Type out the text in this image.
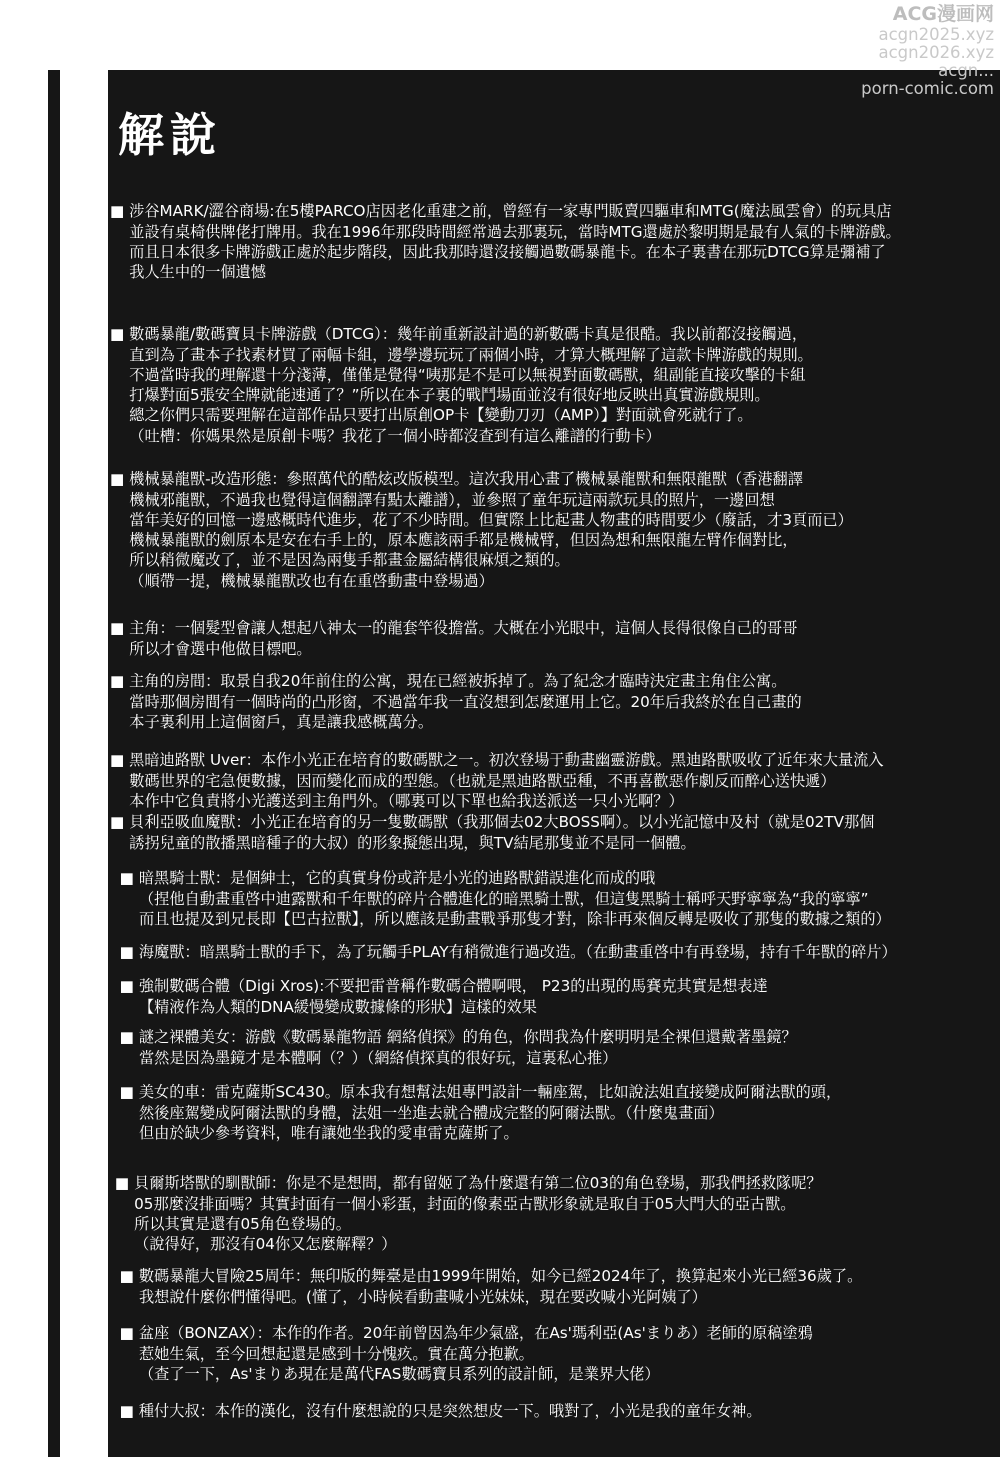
ACG漫画网
acgn2025.xyz
acgn2026.xyz
acgn...
porn-comic.com
解說

■ 涉谷MARK/澀谷商場:在5樓PARCO店因老化重建之前，曾經有一家專門販賣四驅車和MTG(魔法風雲會）的玩具店
並設有桌椅供牌佬打牌用。我在1996年那段時間經常過去那裏玩，當時MTG還處於黎明期是最有人氣的卡牌游戲。
而且日本很多卡牌游戲正處於起步階段，因此我那時還沒接觸過數碼暴龍卡。在本子裏書在那玩DTCG算是彌補了
我人生中的一個遺憾

■ 數碼暴龍/數碼寶貝卡牌游戲（DTCG）：幾年前重新設計過的新數碼卡真是很酷。我以前都沒接觸過，
直到為了畫本子找素材買了兩幅卡組，邊學邊玩玩了兩個小時，才算大概理解了這款卡牌游戲的規則。
不過當時我的理解還十分淺薄，僅僅是覺得“咦那是不是可以無視對面數碼獸，組副能直接攻擊的卡組
打爆對面5張安全牌就能速通了？”所以在本子裏的戰鬥場面並沒有很好地反映出真實游戲規則。
總之你們只需要理解在這部作品只要打出原創OP卡【變動刀刃（AMP）】對面就會死就行了。
（吐槽：你媽果然是原創卡嗎？我花了一個小時都沒查到有這么離譜的行動卡）

■ 機械暴龍獸-改造形態：參照萬代的酷炫改版模型。這次我用心畫了機械暴龍獸和無限龍獸（香港翻譯
機械邪龍獸，不過我也覺得這個翻譯有點太離譜），並參照了童年玩這兩款玩具的照片，一邊回想
當年美好的回憶一邊感概時代進步，花了不少時間。但實際上比起畫人物畫的時間要少（廢話，才3頁而已）
機械暴龍獸的劍原本是安在右手上的，原本應該兩手都是機械臂，但因為想和無限龍左臂作個對比，
所以稍微魔改了，並不是因為兩隻手都畫金屬結構很麻煩之類的。
（順帶一提，機械暴龍獸改也有在重啓動畫中登場過）

■ 主角：一個髮型會讓人想起八神太一的龍套竿役擔當。大概在小光眼中，這個人長得很像自己的哥哥
所以才會選中他做目標吧。

■ 主角的房間：取景自我20年前住的公寓，現在已經被拆掉了。為了紀念才臨時決定畫主角住公寓。
當時那個房間有一個時尚的凸形窗，不過當年我一直沒想到怎麼運用上它。20年后我終於在自己畫的
本子裏利用上這個窗戶，真是讓我感概萬分。

■ 黑暗迪路獸 Uver：本作小光正在培育的數碼獸之一。初次登場于動畫幽靈游戲。黑迪路獸吸收了近年來大量流入
數碼世界的宅急便數據，因而變化而成的型態。（也就是黑迪路獸亞種，不再喜歡惡作劇反而醉心送快遞）
本作中它負責將小光護送到主角門外。（哪裏可以下單也給我送派送一只小光啊？）

■ 貝利亞吸血魔獸：小光正在培育的另一隻數碼獸（我那個去02大BOSS啊）。以小光記憶中及村（就是02TV那個
誘拐兒童的散播黑暗種子的大叔）的形象擬態出現，與TV結尾那隻並不是同一個體。

■ 暗黑騎士獸：是個紳士，它的真實身份或許是小光的迪路獸錯誤進化而成的哦
（捏他自動畫重啓中迪露獸和千年獸的碎片合體進化的暗黑騎士獸，但這隻黑騎士稱呼天野寧寧為“我的寧寧”
而且也提及到兄長即【巴古拉獸】，所以應該是動畫戰爭那隻才對，除非再來個反轉是吸收了那隻的數據之類的）

■ 海魔獸：暗黑騎士獸的手下，為了玩觸手PLAY有稍微進行過改造。（在動畫重啓中有再登場，持有千年獸的碎片）

■ 強制數碼合體（Digi Xros):不要把雷普稱作數碼合體啊喂， P23的出現的馬賽克其實是想表達
【精液作為人類的DNA緩慢變成數據條的形狀】這樣的效果

■ 謎之裸體美女：游戲《數碼暴龍物語 網絡偵探》的角色，你問我為什麼明明是全裸但還戴著墨鏡？
當然是因為墨鏡才是本體啊（？）（網絡偵探真的很好玩，這裏私心推）

■ 美女的車：雷克薩斯SC430。原本我有想幫法姐專門設計一輛座駕，比如說法姐直接變成阿爾法獸的頭，
然後座駕變成阿爾法獸的身體，法姐一坐進去就合體成完整的阿爾法獸。（什麼鬼畫面）
但由於缺少參考資料，唯有讓她坐我的愛車雷克薩斯了。

■ 貝爾斯塔獸的馴獸師：你是不是想問，都有留姬了為什麼還有第二位03的角色登場，那我們拯救隊呢？
05那麼沒排面嗎？其實封面有一個小彩蛋，封面的像素亞古獸形象就是取自于05大門大的亞古獸。
所以其實是還有05角色登場的。
（說得好，那沒有04你又怎麼解釋？）

■ 數碼暴龍大冒險25周年：無印版的舞臺是由1999年開始，如今已經2024年了，換算起來小光已經36歲了。
我想說什麼你們懂得吧。(懂了，小時候看動畫喊小光妹妹，現在要改喊小光阿姨了）

■ 盆座（BONZAX）：本作的作者。20年前曾因為年少氣盛，在As'瑪利亞(As'まりあ）老師的原稿塗鴉
惹她生氣，至今回想起還是感到十分愧疚。實在萬分抱歉。
（查了一下，As'まりあ現在是萬代FAS數碼寶貝系列的設計師，是業界大佬）

■ 種付大叔：本作的漢化，沒有什麼想說的只是突然想皮一下。哦對了，小光是我的童年女神。
